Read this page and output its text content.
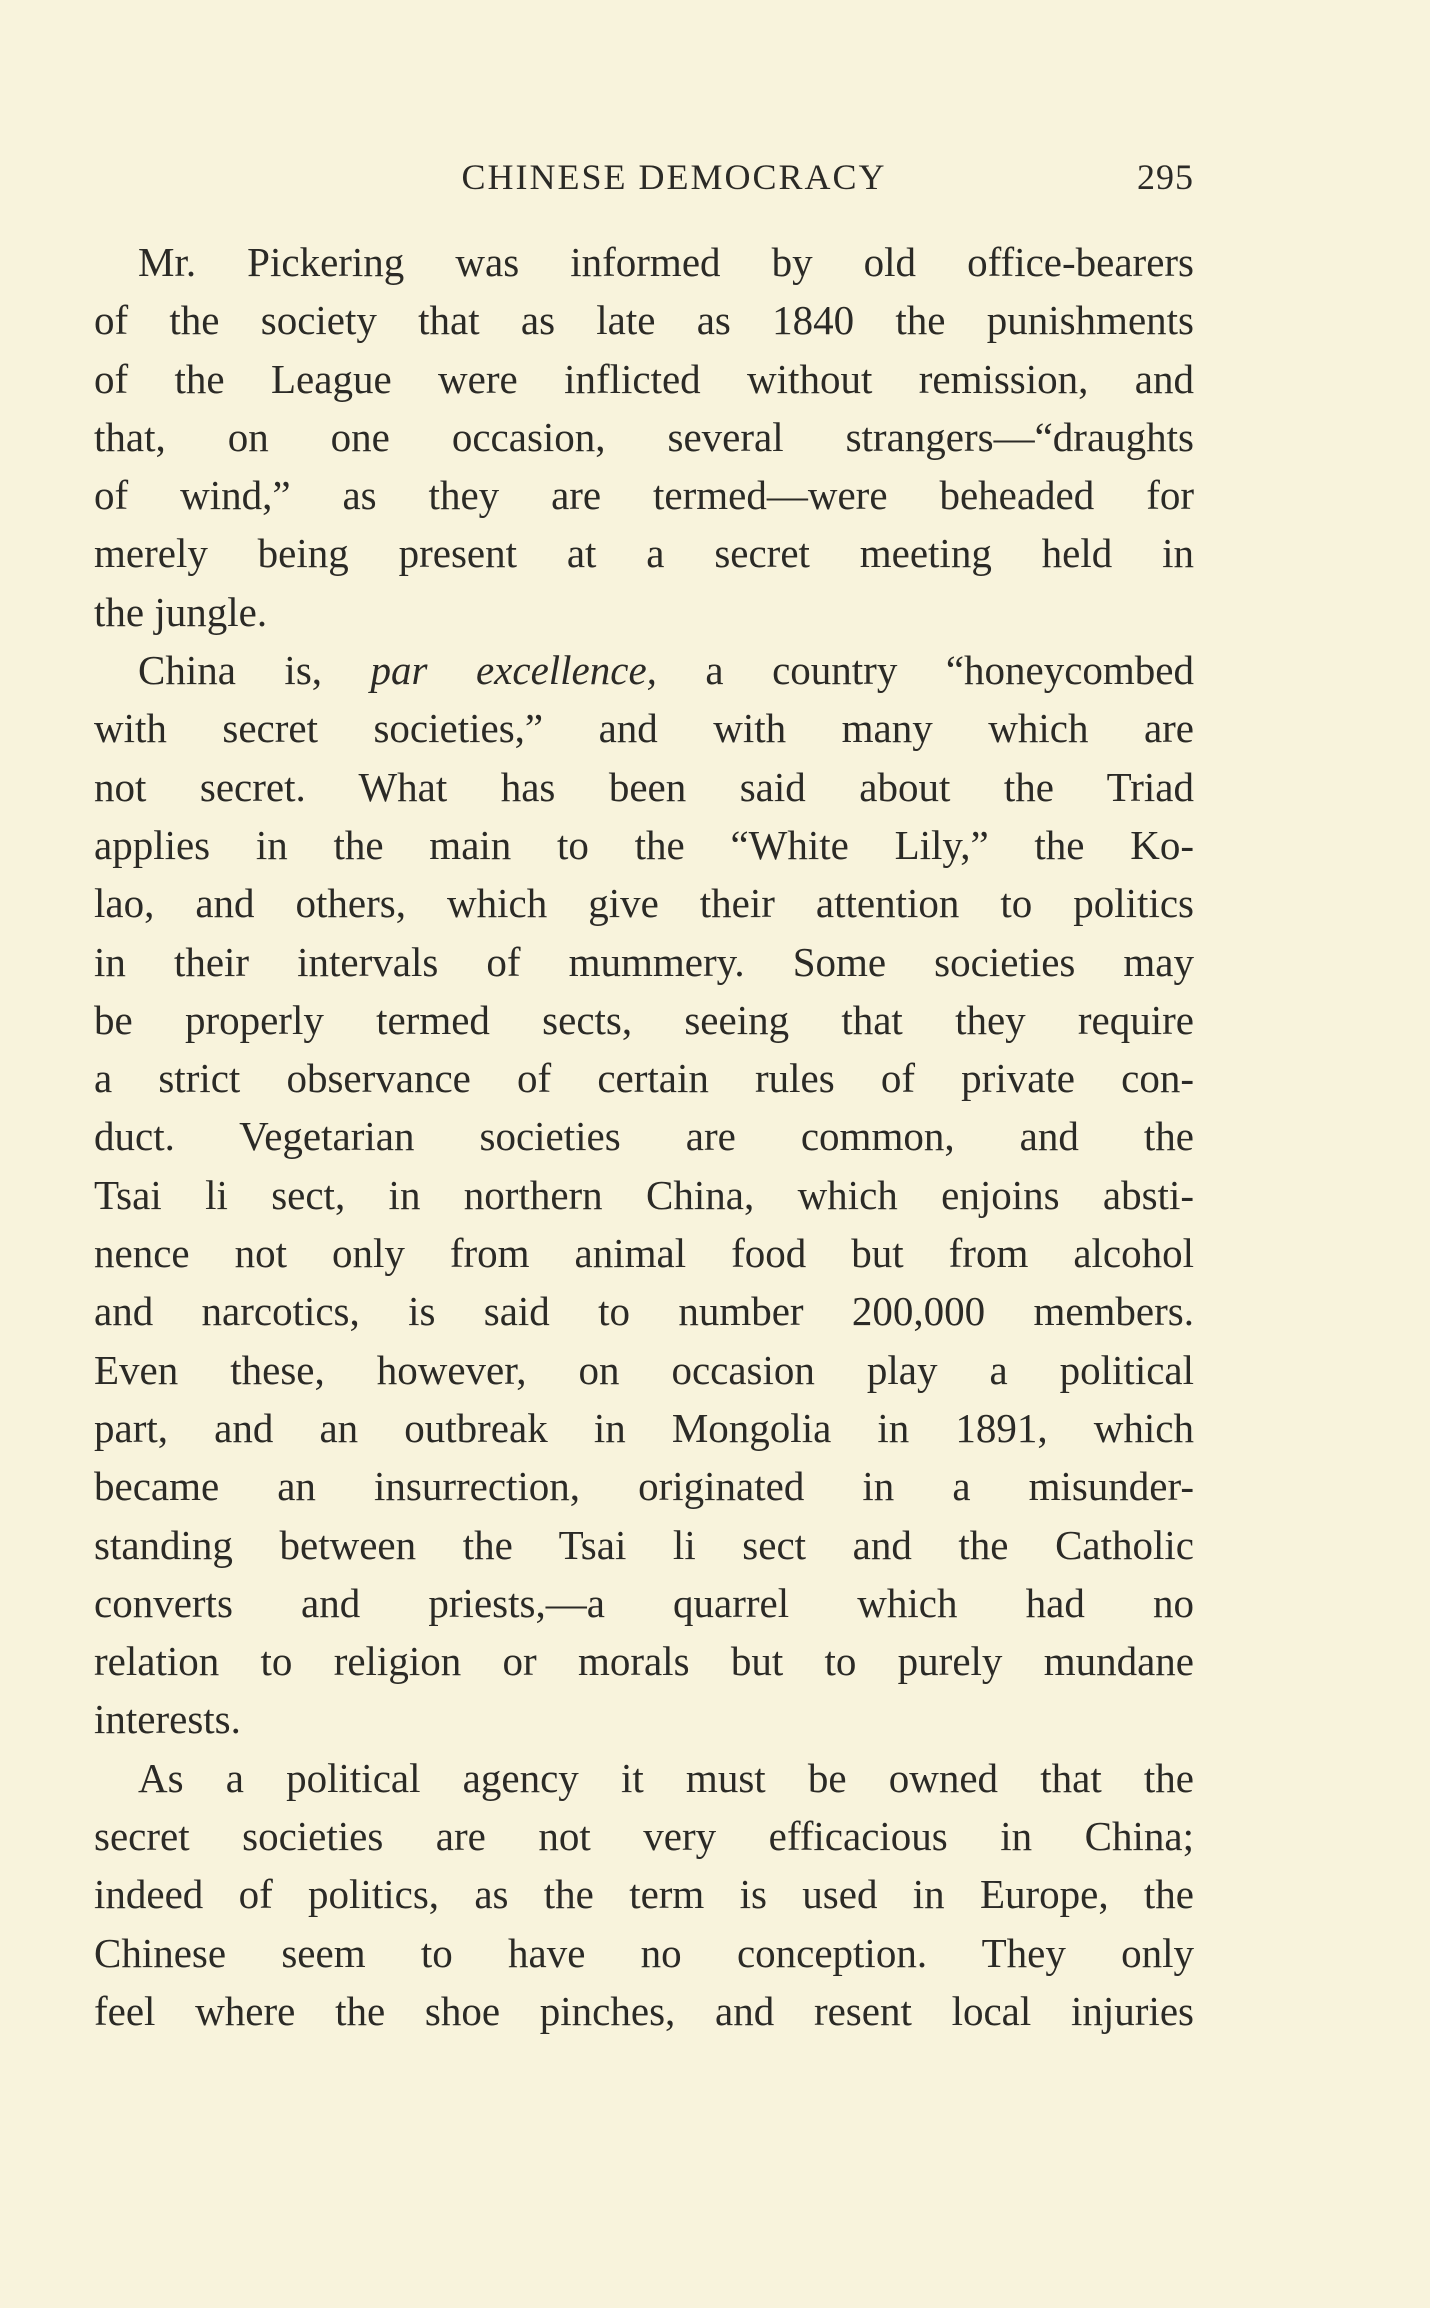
CHINESE DEMOCRACY	295
Mr. Pickering was informed by old office-bearers
of the society that as late as 1840 the punishments
of the League were inflicted without remission, and
that, on one occasion, several strangers—“draughts
of wind,” as they are termed—were beheaded for
merely being present at a secret meeting held in
the jungle.
China is, par excellence, a country “honeycombed
with secret societies,” and with many which are
not secret. What has been said about the Triad
applies in the main to the “White Lily,” the Ko-
lao, and others, which give their attention to politics
in their intervals of mummery. Some societies may
be properly termed sects, seeing that they require
a strict observance of certain rules of private con-
duct. Vegetarian societies are common, and the
Tsai li sect, in northern China, which enjoins absti-
nence not only from animal food but from alcohol
and narcotics, is said to number 200,000 members.
Even these, however, on occasion play a political
part, and an outbreak in Mongolia in 1891, which
became an insurrection, originated in a misunder-
standing between the Tsai li sect and the Catholic
converts and priests,—a quarrel which had no
relation to religion or morals but to purely mundane
interests.
As a political agency it must be owned that the
secret societies are not very efficacious in China;
indeed of politics, as the term is used in Europe, the
Chinese seem to have no conception. They only
feel where the shoe pinches, and resent local injuries
